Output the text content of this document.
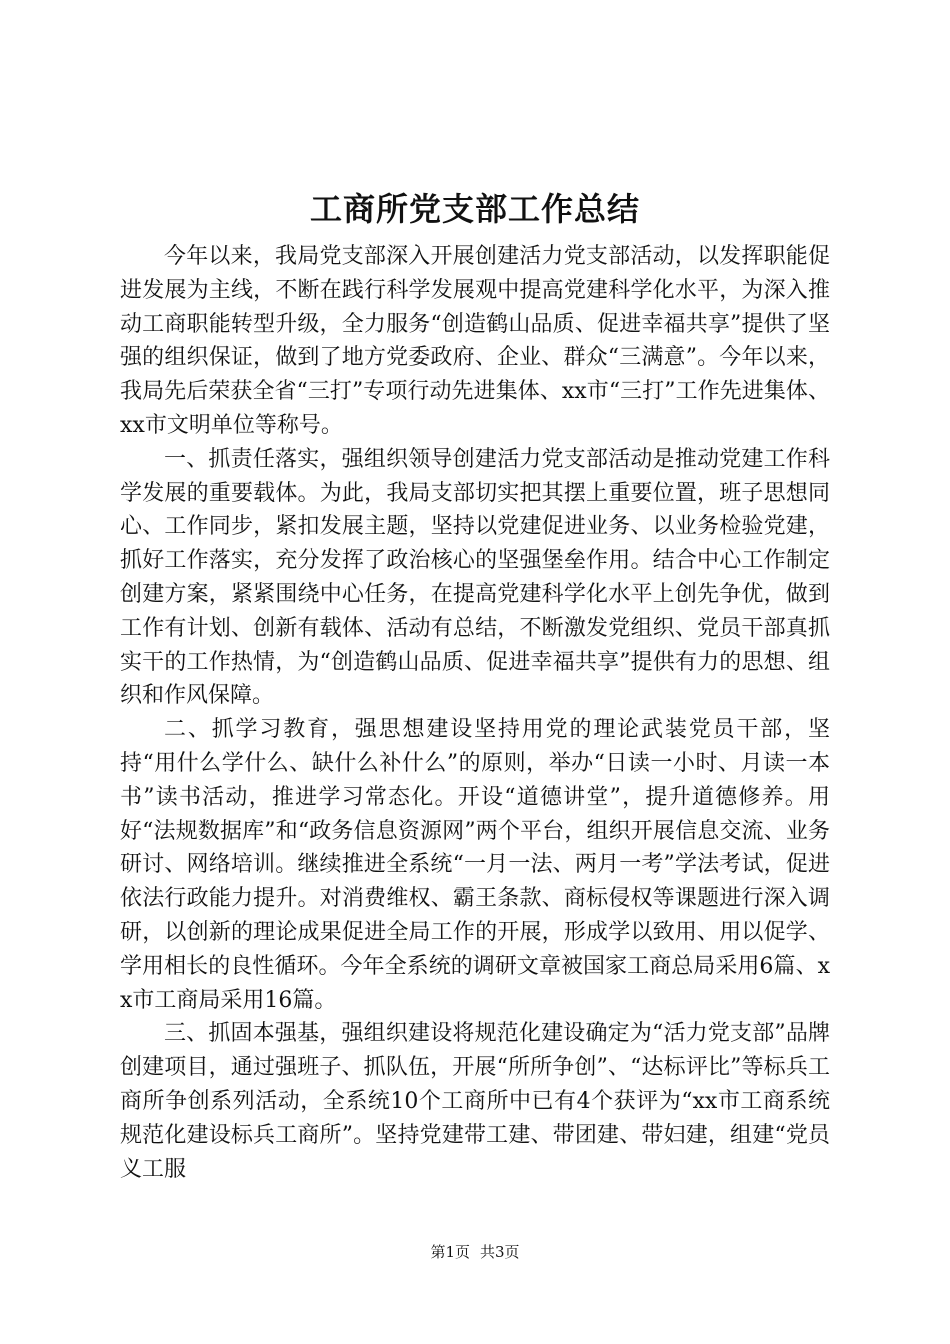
工商所党支部工作总结

今年以来，我局党支部深入开展创建活力党支部活动，以发挥职能促进发展为主线，不断在践行科学发展观中提高党建科学化水平，为深入推动工商职能转型升级，全力服务“创造鹤山品质、促进幸福共享”提供了坚强的组织保证，做到了地方党委政府、企业、群众“三满意”。今年以来，我局先后荣获全省“三打”专项行动先进集体、xx市“三打”工作先进集体、xx市文明单位等称号。

一、抓责任落实，强组织领导创建活力党支部活动是推动党建工作科学发展的重要载体。为此，我局支部切实把其摆上重要位置，班子思想同心、工作同步，紧扣发展主题，坚持以党建促进业务、以业务检验党建，抓好工作落实，充分发挥了政治核心的坚强堡垒作用。结合中心工作制定创建方案，紧紧围绕中心任务，在提高党建科学化水平上创先争优，做到工作有计划、创新有载体、活动有总结，不断激发党组织、党员干部真抓实干的工作热情，为“创造鹤山品质、促进幸福共享”提供有力的思想、组织和作风保障。

二、抓学习教育，强思想建设坚持用党的理论武装党员干部，坚持“用什么学什么、缺什么补什么”的原则，举办“日读一小时、月读一本书”读书活动，推进学习常态化。开设“道德讲堂”，提升道德修养。用好“法规数据库”和“政务信息资源网”两个平台，组织开展信息交流、业务研讨、网络培训。继续推进全系统“一月一法、两月一考”学法考试，促进依法行政能力提升。对消费维权、霸王条款、商标侵权等课题进行深入调研，以创新的理论成果促进全局工作的开展，形成学以致用、用以促学、学用相长的良性循环。今年全系统的调研文章被国家工商总局采用6篇、xx市工商局采用16篇。

三、抓固本强基，强组织建设将规范化建设确定为“活力党支部”品牌创建项目，通过强班子、抓队伍，开展“所所争创”、“达标评比”等标兵工商所争创系列活动，全系统10个工商所中已有4个获评为“xx市工商系统规范化建设标兵工商所”。坚持党建带工建、带团建、带妇建，组建“党员义工服

第1页 共3页
